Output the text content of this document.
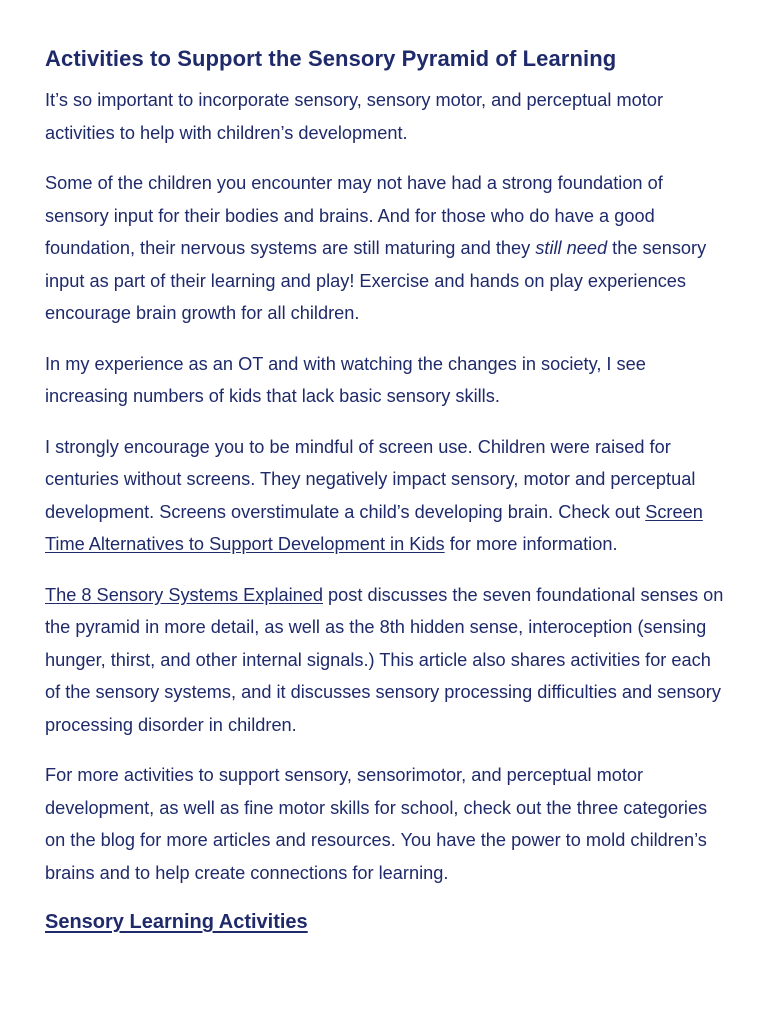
Activities to Support the Sensory Pyramid of Learning

It’s so important to incorporate sensory, sensory motor, and perceptual motor activities to help with children’s development.

Some of the children you encounter may not have had a strong foundation of sensory input for their bodies and brains. And for those who do have a good foundation, their nervous systems are still maturing and they still need the sensory input as part of their learning and play! Exercise and hands on play experiences encourage brain growth for all children.

In my experience as an OT and with watching the changes in society, I see increasing numbers of kids that lack basic sensory skills.

I strongly encourage you to be mindful of screen use. Children were raised for centuries without screens. They negatively impact sensory, motor and perceptual development. Screens overstimulate a child’s developing brain. Check out Screen Time Alternatives to Support Development in Kids for more information.

The 8 Sensory Systems Explained post discusses the seven foundational senses on the pyramid in more detail, as well as the 8th hidden sense, interoception (sensing hunger, thirst, and other internal signals.) This article also shares activities for each of the sensory systems, and it discusses sensory processing difficulties and sensory processing disorder in children.

For more activities to support sensory, sensorimotor, and perceptual motor development, as well as fine motor skills for school, check out the three categories on the blog for more articles and resources. You have the power to mold children’s brains and to help create connections for learning.

Sensory Learning Activities
